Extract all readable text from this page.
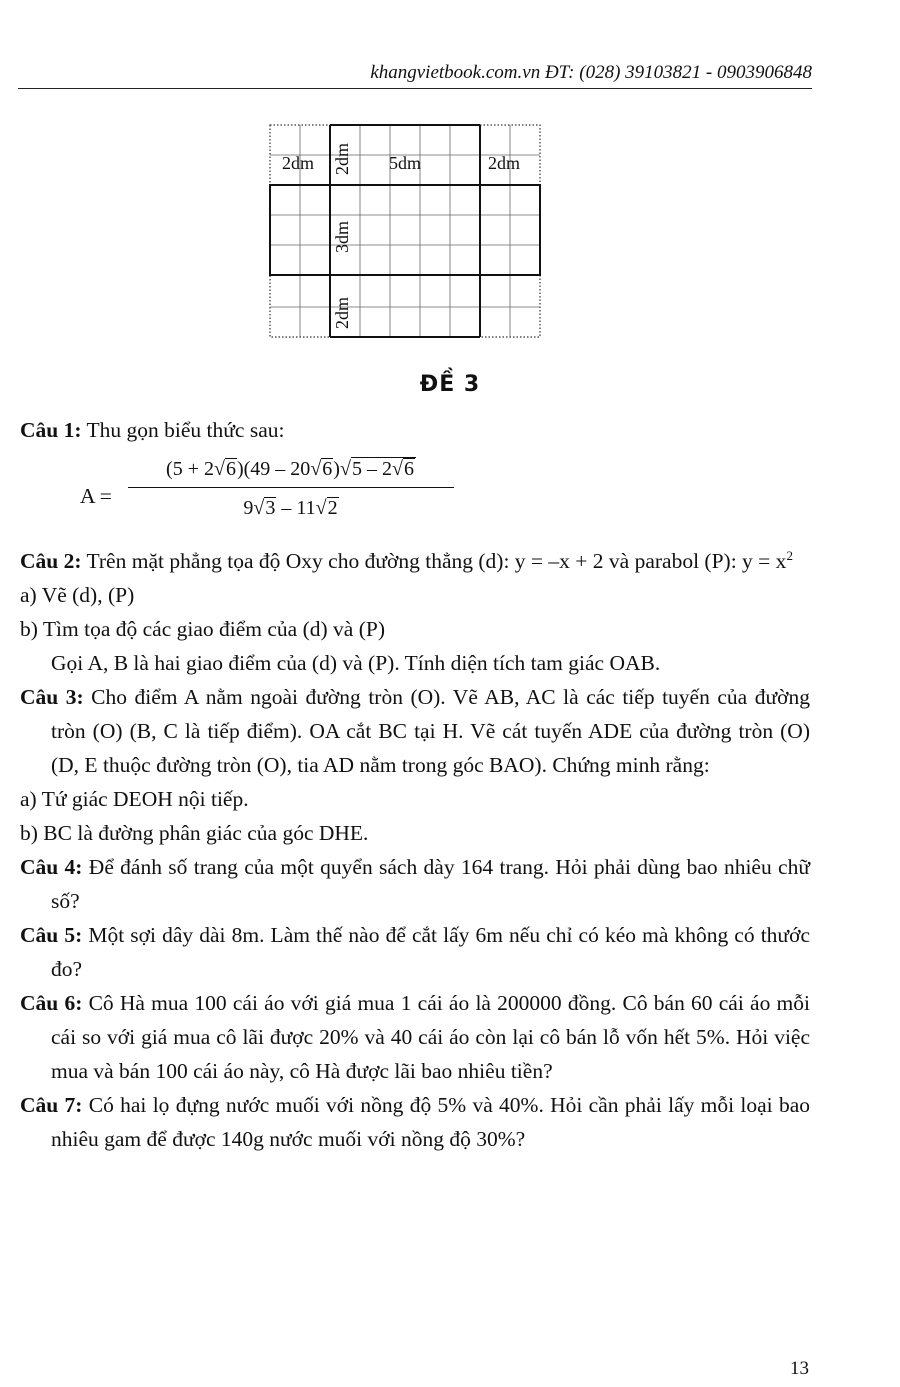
khangvietbook.com.vn ĐT: (028) 39103821 - 0903906848
2dm	5dm	2dm
2dm
3dm
2dm
ĐỀ 3

Câu 1: Thu gọn biểu thức sau:

$A = \frac{(5 + 2√6)(49 - 20√6)√5 - 2√6}{9√3 - 11√2}$

Câu 2: Trên mặt phẳng tọa độ Oxy cho đường thẳng (d): y = –x + 2 và parabol (P): $y = x^2$

a) Vẽ (d), (P)

b) Tìm tọa độ các giao điểm của (d) và (P)

Gọi A, B là hai giao điểm của (d) và (P). Tính diện tích tam giác OAB.

Câu 3: Cho điểm A nằm ngoài đường tròn (O). Vẽ AB, AC là các tiếp tuyến của đường tròn (O) (B, C là tiếp điểm). OA cắt BC tại H. Vẽ cát tuyến ADE của đường tròn (O) (D, E thuộc đường tròn (O), tia AD nằm trong góc BAO). Chứng minh rằng:

a) Tứ giác DEOH nội tiếp.

b) BC là đường phân giác của góc DHE.

Câu 4: Để đánh số trang của một quyển sách dày 164 trang. Hỏi phải dùng bao nhiêu chữ số?

Câu 5: Một sợi dây dài 8m. Làm thế nào để cắt lấy 6m nếu chỉ có kéo mà không có thước đo?

Câu 6: Cô Hà mua 100 cái áo với giá mua 1 cái áo là 200000 đồng. Cô bán 60 cái áo mỗi cái so với giá mua cô lãi được 20% và 40 cái áo còn lại cô bán lỗ vốn hết 5%. Hỏi việc mua và bán 100 cái áo này, cô Hà được lãi bao nhiêu tiền?

Câu 7: Có hai lọ đựng nước muối với nồng độ 5% và 40%. Hỏi cần phải lấy mỗi loại bao nhiêu gam để được 140g nước muối với nồng độ 30%?

13
